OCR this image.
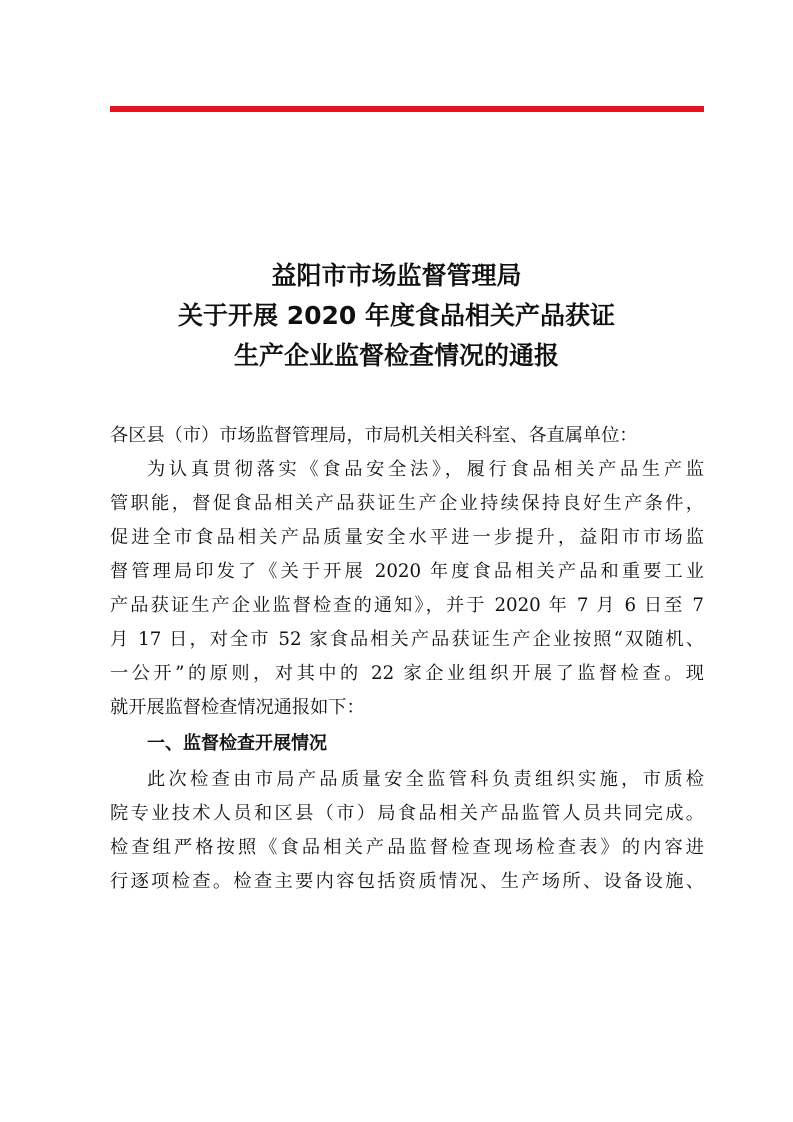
益阳市市场监督管理局
关于开展 2020 年度食品相关产品获证
生产企业监督检查情况的通报

各区县（市）市场监督管理局，市局机关相关科室、各直属单位：

为认真贯彻落实《食品安全法》，履行食品相关产品生产监
管职能，督促食品相关产品获证生产企业持续保持良好生产条件，
促进全市食品相关产品质量安全水平进一步提升，益阳市市场监
督管理局印发了《关于开展 2020 年度食品相关产品和重要工业
产品获证生产企业监督检查的通知》，并于 2020 年 7 月 6 日至 7
月 17 日，对全市 52 家食品相关产品获证生产企业按照“双随机、
一公开”的原则，对其中的 22 家企业组织开展了监督检查。现
就开展监督检查情况通报如下：

一、监督检查开展情况

此次检查由市局产品质量安全监管科负责组织实施，市质检
院专业技术人员和区县（市）局食品相关产品监管人员共同完成。
检查组严格按照《食品相关产品监督检查现场检查表》的内容进
行逐项检查。检查主要内容包括资质情况、生产场所、设备设施、
